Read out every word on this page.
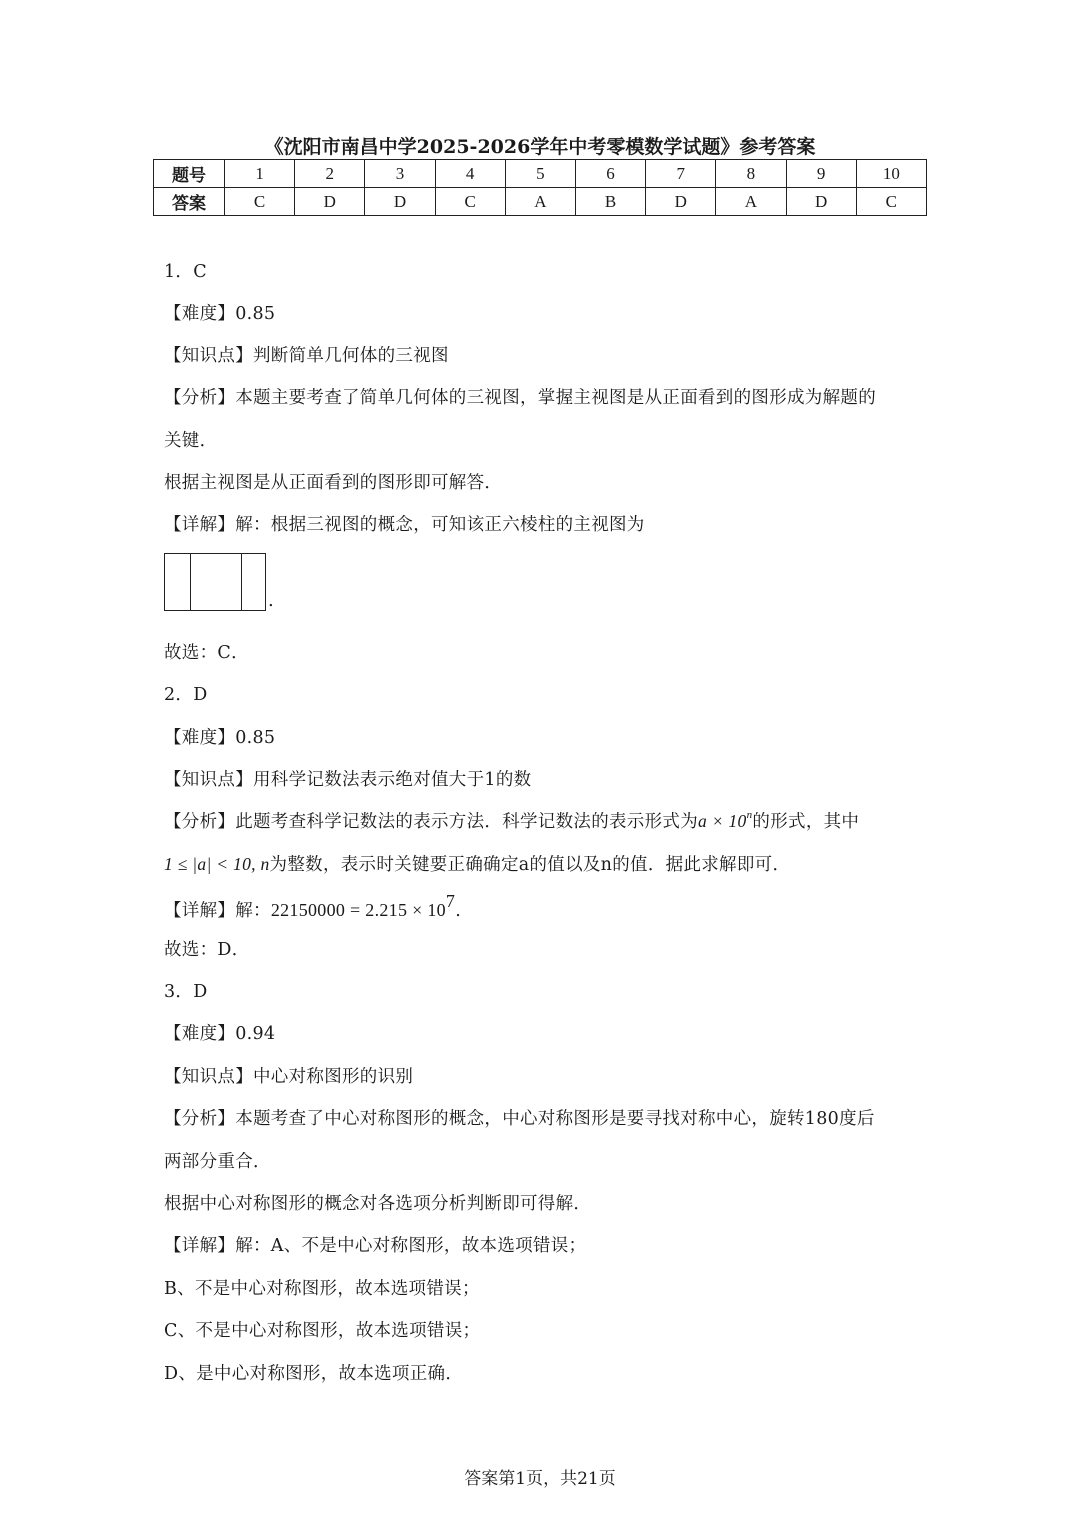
《沈阳市南昌中学2025-2026学年中考零模数学试题》参考答案
题号	1	2	3	4	5	6	7	8	9	10
答案	C	D	D	C	A	B	D	A	D	C
1．C
【难度】0.85
【知识点】判断简单几何体的三视图
【分析】本题主要考查了简单几何体的三视图，掌握主视图是从正面看到的图形成为解题的
关键．
根据主视图是从正面看到的图形即可解答．
【详解】解：根据三视图的概念，可知该正六棱柱的主视图为
.
故选：C．
2．D
【难度】0.85
【知识点】用科学记数法表示绝对值大于1的数
【分析】此题考查科学记数法的表示方法．科学记数法的表示形式为$a \times 10^n$的形式，其中
1 ≤ |a| < 10, n为整数，表示时关键要正确确定a的值以及n的值．据此求解即可．
【详解】解：$22150000 = 2.215 \times 10^7$.
故选：D．
3．D
【难度】0.94
【知识点】中心对称图形的识别
【分析】本题考查了中心对称图形的概念，中心对称图形是要寻找对称中心，旋转180度后
两部分重合．
根据中心对称图形的概念对各选项分析判断即可得解．
【详解】解：A、不是中心对称图形，故本选项错误；
B、不是中心对称图形，故本选项错误；
C、不是中心对称图形，故本选项错误；
D、是中心对称图形，故本选项正确．
答案第1页，共21页
